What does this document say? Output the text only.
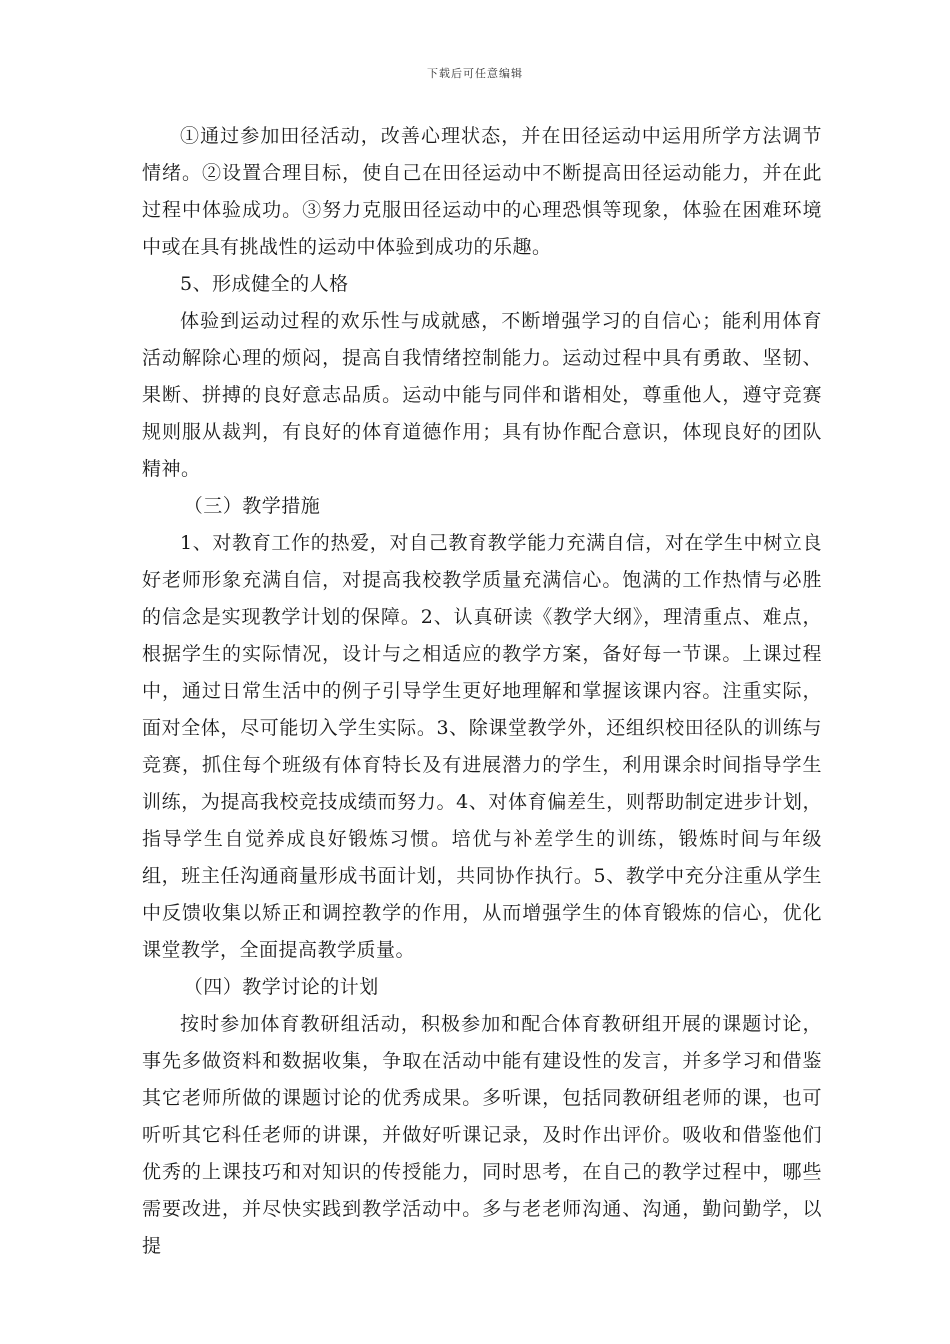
下载后可任意编辑

①通过参加田径活动，改善心理状态，并在田径运动中运用所学方法调节情绪。②设置合理目标，使自己在田径运动中不断提高田径运动能力，并在此过程中体验成功。③努力克服田径运动中的心理恐惧等现象，体验在困难环境中或在具有挑战性的运动中体验到成功的乐趣。

5、形成健全的人格

体验到运动过程的欢乐性与成就感，不断增强学习的自信心；能利用体育活动解除心理的烦闷，提高自我情绪控制能力。运动过程中具有勇敢、坚韧、果断、拼搏的良好意志品质。运动中能与同伴和谐相处，尊重他人，遵守竞赛规则服从裁判，有良好的体育道德作用；具有协作配合意识，体现良好的团队精神。

（三）教学措施

1、对教育工作的热爱，对自己教育教学能力充满自信，对在学生中树立良好老师形象充满自信，对提高我校教学质量充满信心。饱满的工作热情与必胜的信念是实现教学计划的保障。2、认真研读《教学大纲》，理清重点、难点，根据学生的实际情况，设计与之相适应的教学方案，备好每一节课。上课过程中，通过日常生活中的例子引导学生更好地理解和掌握该课内容。注重实际，面对全体，尽可能切入学生实际。3、除课堂教学外，还组织校田径队的训练与竞赛，抓住每个班级有体育特长及有进展潜力的学生，利用课余时间指导学生训练，为提高我校竞技成绩而努力。4、对体育偏差生，则帮助制定进步计划，指导学生自觉养成良好锻炼习惯。培优与补差学生的训练，锻炼时间与年级组，班主任沟通商量形成书面计划，共同协作执行。5、教学中充分注重从学生中反馈收集以矫正和调控教学的作用，从而增强学生的体育锻炼的信心，优化课堂教学，全面提高教学质量。

（四）教学讨论的计划

按时参加体育教研组活动，积极参加和配合体育教研组开展的课题讨论，事先多做资料和数据收集，争取在活动中能有建设性的发言，并多学习和借鉴其它老师所做的课题讨论的优秀成果。多听课，包括同教研组老师的课，也可听听其它科任老师的讲课，并做好听课记录，及时作出评价。吸收和借鉴他们优秀的上课技巧和对知识的传授能力，同时思考，在自己的教学过程中，哪些需要改进，并尽快实践到教学活动中。多与老老师沟通、沟通，勤问勤学，以提
